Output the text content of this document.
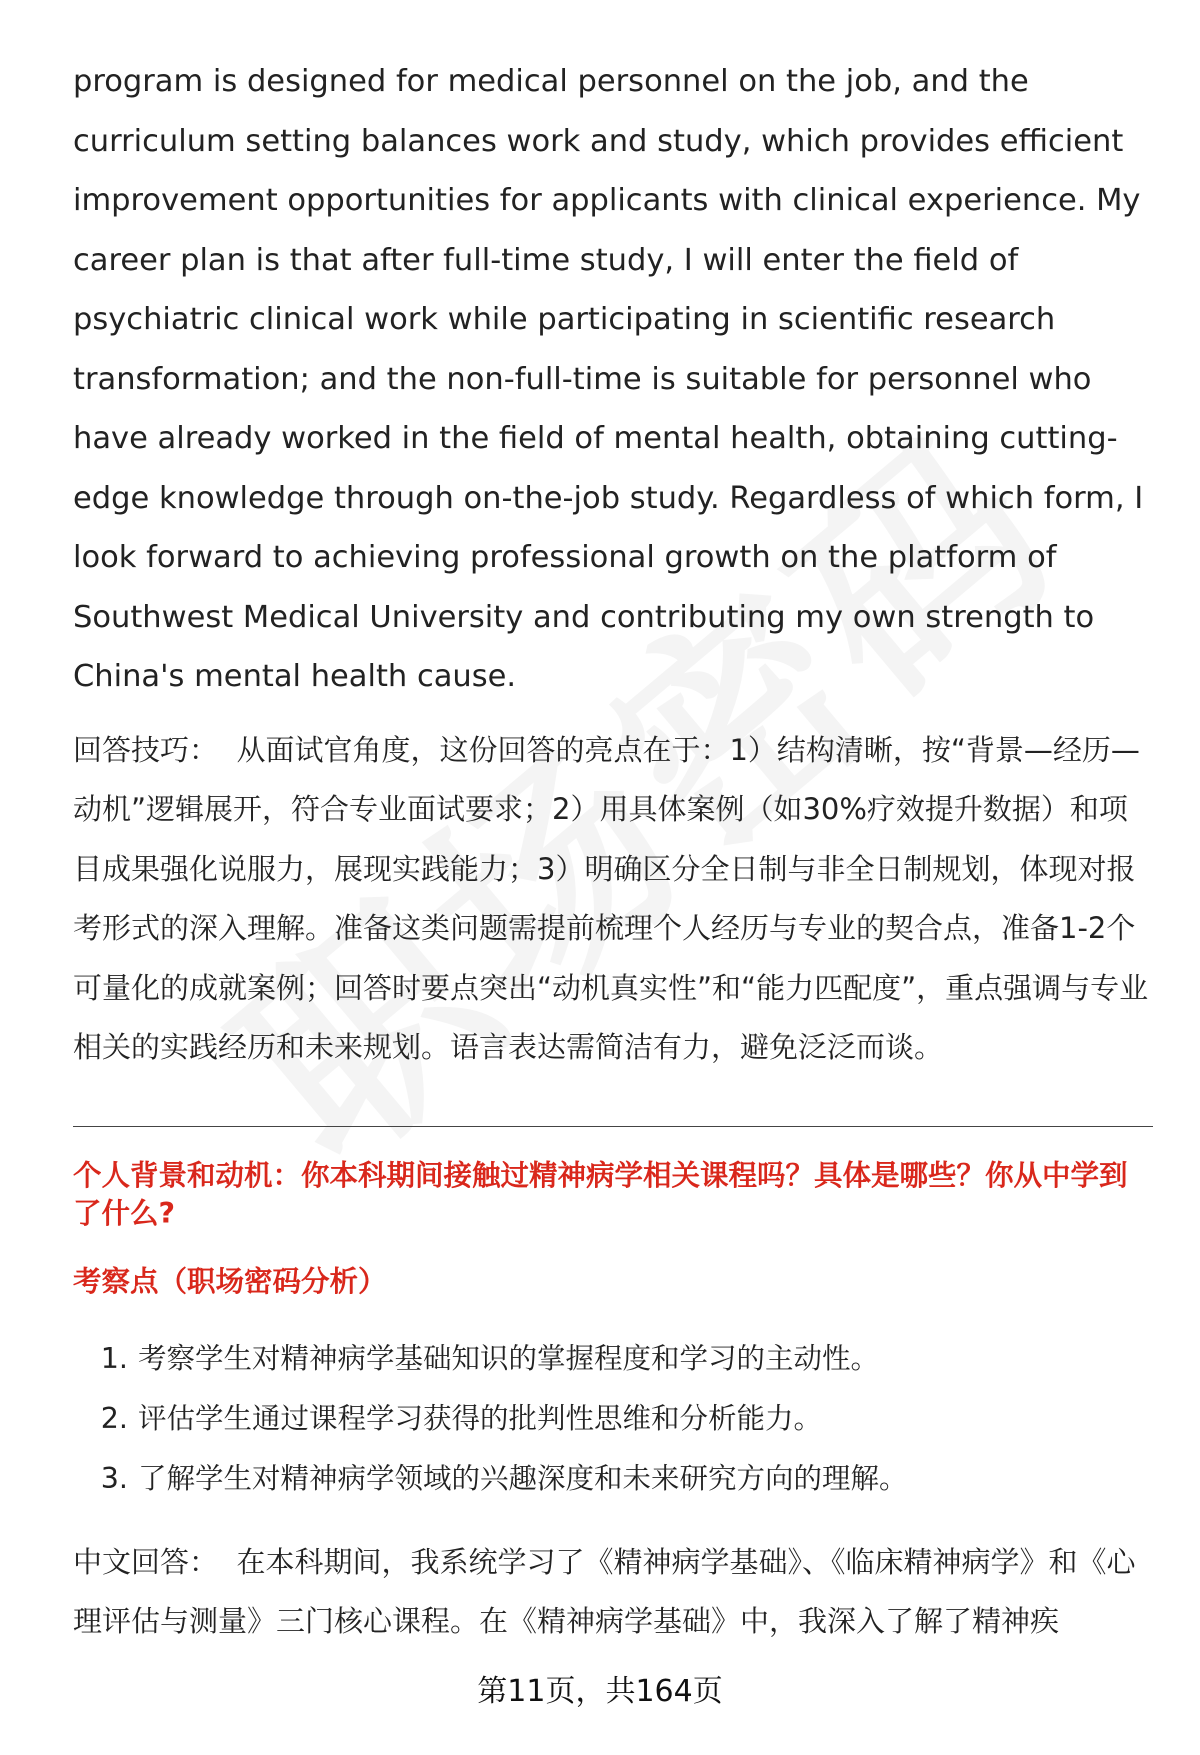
program is designed for medical personnel on the job, and the curriculum setting balances work and study, which provides efficient improvement opportunities for applicants with clinical experience. My career plan is that after full-time study, I will enter the field of psychiatric clinical work while participating in scientific research transformation; and the non-full-time is suitable for personnel who have already worked in the field of mental health, obtaining cutting-edge knowledge through on-the-job study. Regardless of which form, I look forward to achieving professional growth on the platform of Southwest Medical University and contributing my own strength to China's mental health cause.

回答技巧： 从面试官角度，这份回答的亮点在于：1）结构清晰，按“背景—经历—动机”逻辑展开，符合专业面试要求；2）用具体案例（如30%疗效提升数据）和项目成果强化说服力，展现实践能力；3）明确区分全日制与非全日制规划，体现对报考形式的深入理解。准备这类问题需提前梳理个人经历与专业的契合点，准备1-2个可量化的成就案例；回答时要点突出“动机真实性”和“能力匹配度”，重点强调与专业相关的实践经历和未来规划。语言表达需简洁有力，避免泛泛而谈。

个人背景和动机：你本科期间接触过精神病学相关课程吗？具体是哪些？你从中学到了什么?
考察点（职场密码分析）
1. 考察学生对精神病学基础知识的掌握程度和学习的主动性。
2. 评估学生通过课程学习获得的批判性思维和分析能力。
3. 了解学生对精神病学领域的兴趣深度和未来研究方向的理解。

中文回答： 在本科期间，我系统学习了《精神病学基础》、《临床精神病学》和《心理评估与测量》三门核心课程。在《精神病学基础》中，我深入了解了精神疾

第11页，共164页
